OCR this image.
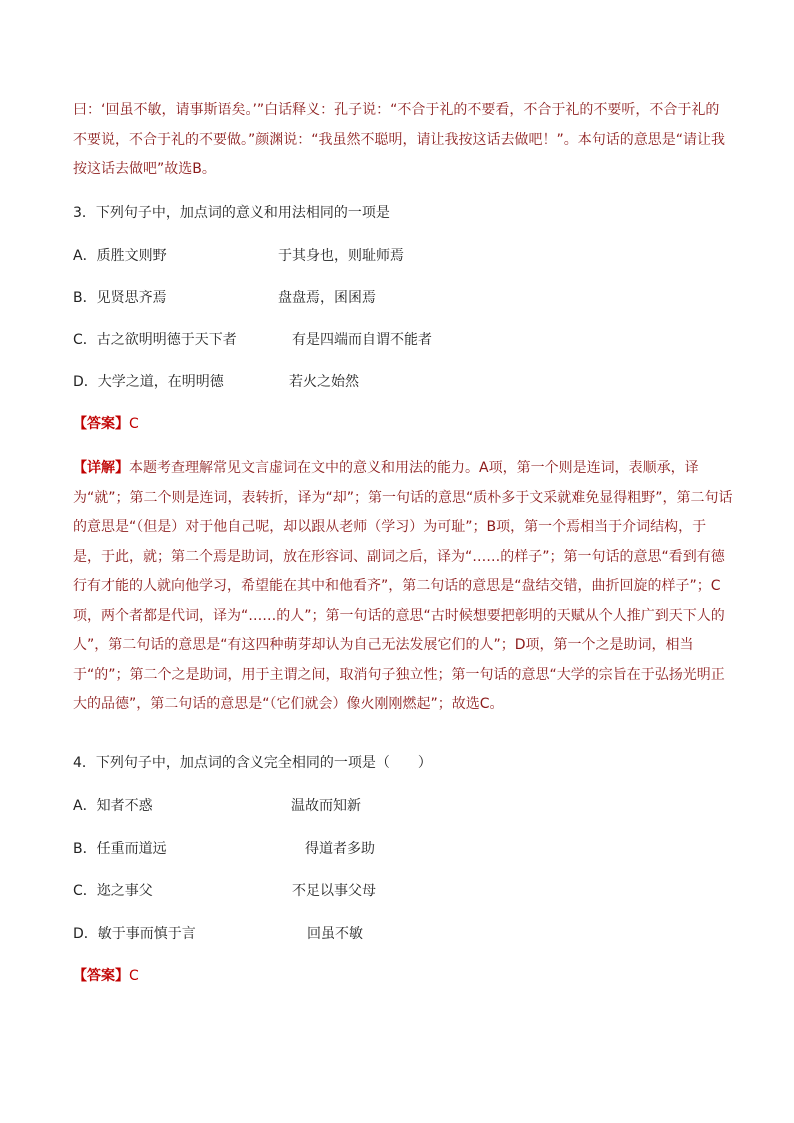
曰：‘回虽不敏，请事斯语矣。’”白话释义：孔子说：“不合于礼的不要看，不合于礼的不要听，不合于礼的不要说，不合于礼的不要做。”颜渊说：“我虽然不聪明，请让我按这话去做吧！”。本句话的意思是“请让我按这话去做吧”故选B。
3．下列句子中，加点词的意义和用法相同的一项是
A．质胜文则野	于其身也，则耻师焉
B．见贤思齐焉	盘盘焉，囷囷焉
C．古之欲明明德于天下者	有是四端而自谓不能者
D．大学之道，在明明德	若火之始然
【答案】C
【详解】本题考查理解常见文言虚词在文中的意义和用法的能力。A项，第一个则是连词，表顺承，译为“就”；第二个则是连词，表转折，译为“却”；第一句话的意思“质朴多于文采就难免显得粗野”，第二句话的意思是“（但是）对于他自己呢，却以跟从老师（学习）为可耻”；B项，第一个焉相当于介词结构，于是，于此，就；第二个焉是助词，放在形容词、副词之后，译为“……的样子”；第一句话的意思“看到有德行有才能的人就向他学习，希望能在其中和他看齐”，第二句话的意思是“盘结交错，曲折回旋的样子”；C项，两个者都是代词，译为“……的人”；第一句话的意思“古时候想要把彰明的天赋从个人推广到天下人的人”，第二句话的意思是“有这四种萌芽却认为自己无法发展它们的人”；D项，第一个之是助词，相当于“的”；第二个之是助词，用于主谓之间，取消句子独立性；第一句话的意思“大学的宗旨在于弘扬光明正大的品德”，第二句话的意思是“（它们就会）像火刚刚燃起”；故选C。
4．下列句子中，加点词的含义完全相同的一项是（　　）
A．知者不惑	温故而知新
B．任重而道远	得道者多助
C．迩之事父	不足以事父母
D．敏于事而慎于言	回虽不敏
【答案】C
